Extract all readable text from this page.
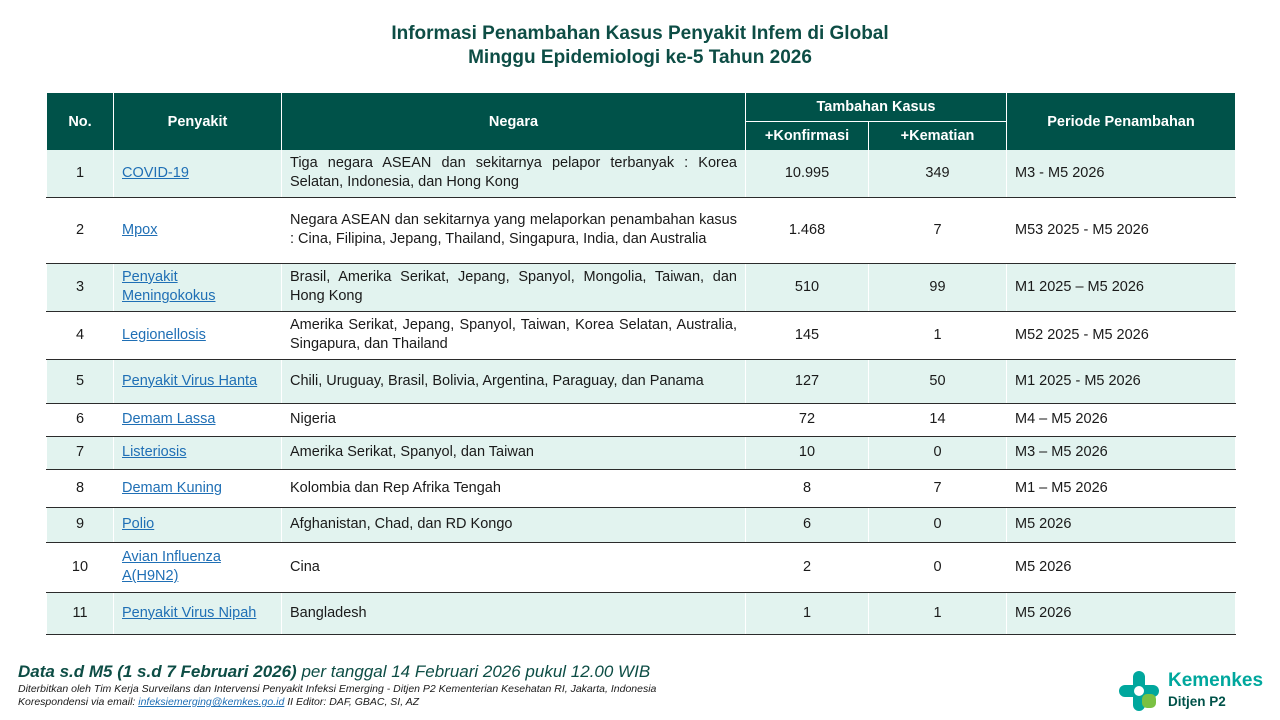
Informasi Penambahan Kasus Penyakit Infem di Global
Minggu Epidemiologi ke-5 Tahun 2026
No.	Penyakit	Negara	Tambahan Kasus		Periode Penambahan
			+Konfirmasi	+Kematian	
1	COVID-19	Tiga negara ASEAN dan sekitarnya pelapor terbanyak : Korea Selatan, Indonesia, dan Hong Kong	10.995	349	M3 - M5 2026
2	Mpox	Negara ASEAN dan sekitarnya yang melaporkan penambahan kasus : Cina, Filipina, Jepang, Thailand, Singapura, India, dan Australia	1.468	7	M53 2025 - M5 2026
3	Penyakit Meningokokus	Brasil, Amerika Serikat, Jepang, Spanyol, Mongolia, Taiwan, dan Hong Kong	510	99	M1 2025 – M5 2026
4	Legionellosis	Amerika Serikat, Jepang, Spanyol, Taiwan, Korea Selatan, Australia, Singapura, dan Thailand	145	1	M52 2025 - M5 2026
5	Penyakit Virus Hanta	Chili, Uruguay, Brasil, Bolivia, Argentina, Paraguay, dan Panama	127	50	M1 2025 - M5 2026
6	Demam Lassa	Nigeria	72	14	M4 – M5 2026
7	Listeriosis	Amerika Serikat, Spanyol, dan Taiwan	10	0	M3 – M5 2026
8	Demam Kuning	Kolombia dan Rep Afrika Tengah	8	7	M1 – M5 2026
9	Polio	Afghanistan, Chad, dan RD Kongo	6	0	M5 2026
10	Avian Influenza A(H9N2)	Cina	2	0	M5 2026
11	Penyakit Virus Nipah	Bangladesh	1	1	M5 2026
Data s.d M5 (1 s.d 7 Februari 2026) per tanggal 14 Februari 2026 pukul 12.00 WIB
Diterbitkan oleh Tim Kerja Surveilans dan Intervensi Penyakit Infeksi Emerging - Ditjen P2 Kementerian Kesehatan RI, Jakarta, Indonesia
Korespondensi via email: infeksiemerging@kemkes.go.id II Editor: DAF, GBAC, SI, AZ
Kemenkes
Ditjen P2
